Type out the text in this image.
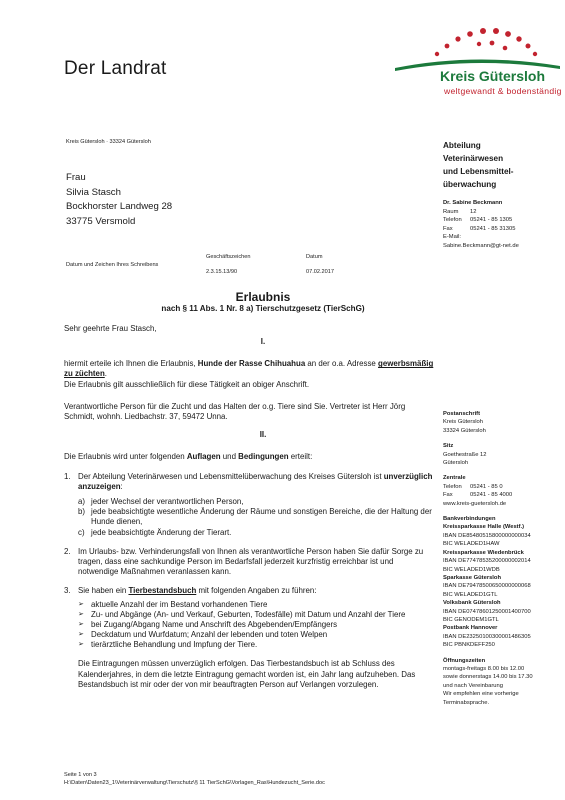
Der Landrat	Kreis Gütersloh
weltgewandt & bodenständig
Kreis Gütersloh · 33324 Gütersloh
Frau
Silvia Stasch
Bockhorster Landweg 28
33775 Versmold
Datum und Zeichen Ihres Schreibens
Geschäftszeichen
2.3.15.13/90
Datum
07.02.2017
Abteilung
Veterinärwesen
und Lebensmittel-
überwachung
Dr. Sabine Beckmann
Raum 12
Telefon 05241 - 85 1305
Fax	05241 - 85 31305
E-Mail:
Sabine.Beckmann@gt-net.de
Postanschrift
Kreis Gütersloh
33324 Gütersloh
Sitz
Goethestraße 12
Gütersloh
Zentrale
Telefon 05241 - 85 0
Fax	05241 - 85 4000
www.kreis-guetersloh.de
Bankverbindungen
Kreissparkasse Halle (Westf.)
IBAN DE85480515800000000034
BIC WELADED1HAW
Kreissparkasse Wiedenbrück
IBAN DE77478535200000002014
BIC WELADED1WDB
Sparkasse Gütersloh
IBAN DE79478500650000000068
BIC WELADED1GTL
Volksbank Gütersloh
IBAN DE07478601250001400700
BIC GENODEM1GTL
Postbank Hannover
IBAN DE23250100300001486305
BIC PBNKDEFF250
Öffnungszeiten
montags-freitags 8.00 bis 12.00
sowie donnerstags 14.00 bis 17.30
und nach Vereinbarung
Wir empfehlen eine vorherige
Terminabsprache.
Erlaubnis
nach § 11 Abs. 1 Nr. 8 a) Tierschutzgesetz (TierSchG)
Sehr geehrte Frau Stasch,
I.
hiermit erteile ich Ihnen die Erlaubnis, Hunde der Rasse Chihuahua an der o.a. Adresse gewerbsmäßig zu züchten.
Die Erlaubnis gilt ausschließlich für diese Tätigkeit an obiger Anschrift.
Verantwortliche Person für die Zucht und das Halten der o.g. Tiere sind Sie. Vertreter ist Herr Jörg Schmidt, wohnh. Liedbachstr. 37, 59472 Unna.
II.
Die Erlaubnis wird unter folgenden Auflagen und Bedingungen erteilt:
1. Der Abteilung Veterinärwesen und Lebensmittelüberwachung des Kreises Gütersloh ist unverzüglich anzuzeigen:
a) jeder Wechsel der verantwortlichen Person,
b) jede beabsichtigte wesentliche Änderung der Räume und sonstigen Bereiche, die der Haltung der Hunde dienen,
c) jede beabsichtigte Änderung der Tierart.
2. Im Urlaubs- bzw. Verhinderungsfall von Ihnen als verantwortliche Person haben Sie dafür Sorge zu tragen, dass eine sachkundige Person im Bedarfsfall jederzeit kurzfristig erreichbar ist und notwendige Maßnahmen veranlassen kann.
3. Sie haben ein Tierbestandsbuch mit folgenden Angaben zu führen:
➢ aktuelle Anzahl der im Bestand vorhandenen Tiere
➢ Zu- und Abgänge (An- und Verkauf, Geburten, Todesfälle) mit Datum und Anzahl der Tiere
➢ bei Zugang/Abgang Name und Anschrift des Abgebenden/Empfängers
➢ Deckdatum und Wurfdatum; Anzahl der lebenden und toten Welpen
➢ tierärztliche Behandlung und Impfung der Tiere.
Die Eintragungen müssen unverzüglich erfolgen. Das Tierbestandsbuch ist ab Schluss des Kalenderjahres, in dem die letzte Eintragung gemacht worden ist, ein Jahr lang aufzuheben. Das Bestandsbuch ist mir oder der von mir beauftragten Person auf Verlangen vorzulegen.
Seite 1 von 3
H:\Daten\Daten23_1\Veterinärverwaltung\Tierschutz\§ 11 TierSchG\Vorlagen_Ras\Hundezucht_Serie.doc
